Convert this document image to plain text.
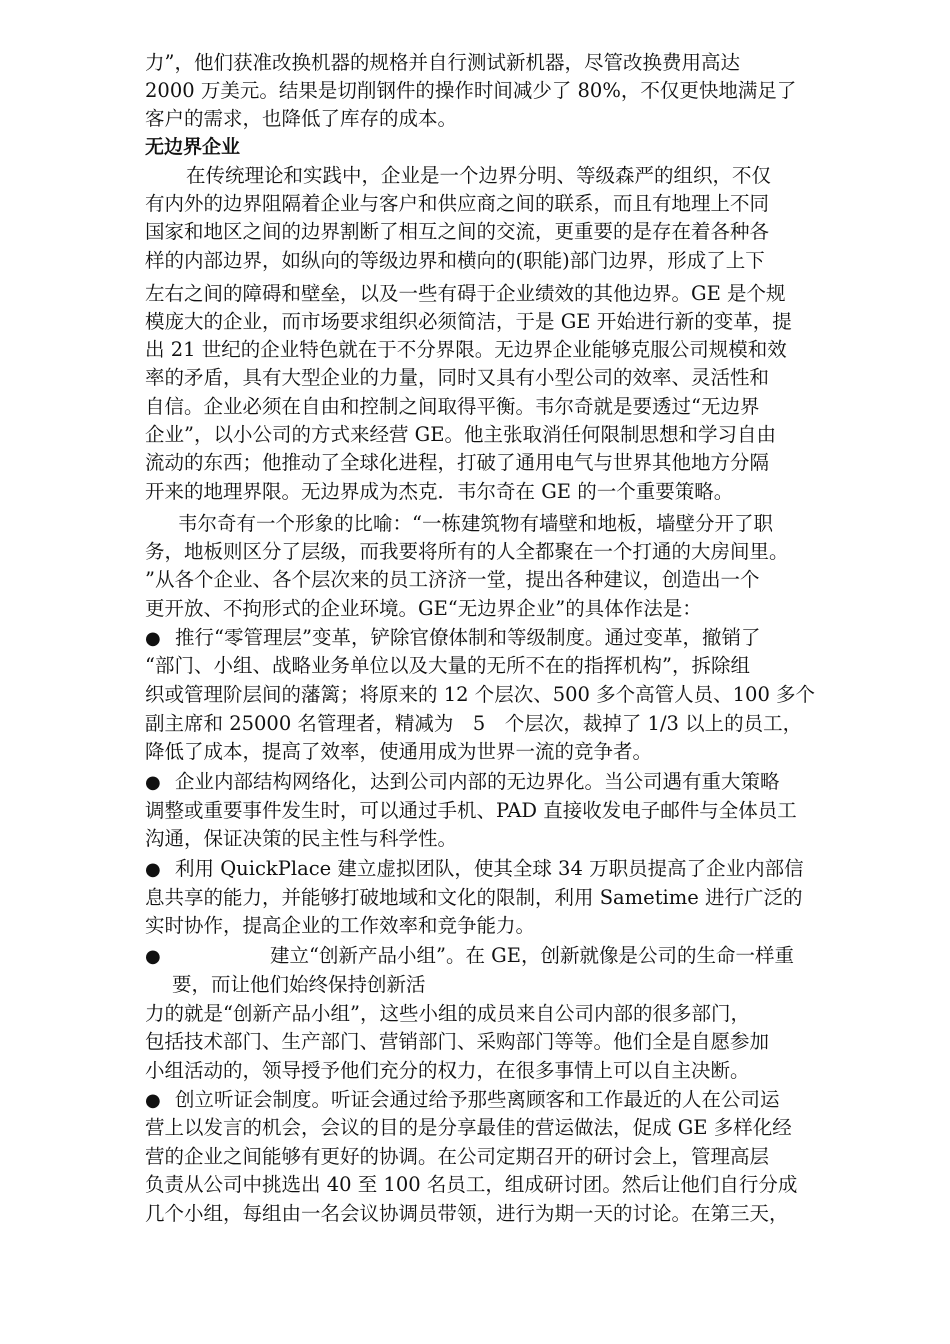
力”，他们获准改换机器的规格并自行测试新机器，尽管改换费用高达
2000 万美元。结果是切削钢件的操作时间减少了 80%，不仅更快地满足了
客户的需求，也降低了库存的成本。
无边界企业
在传统理论和实践中，企业是一个边界分明、等级森严的组织，不仅
有内外的边界阻隔着企业与客户和供应商之间的联系，而且有地理上不同
国家和地区之间的边界割断了相互之间的交流，更重要的是存在着各种各
样的内部边界，如纵向的等级边界和横向的(职能)部门边界，形成了上下
左右之间的障碍和壁垒，以及一些有碍于企业绩效的其他边界。GE 是个规
模庞大的企业，而市场要求组织必须简洁，于是 GE 开始进行新的变革，提
出 21 世纪的企业特色就在于不分界限。无边界企业能够克服公司规模和效
率的矛盾，具有大型企业的力量，同时又具有小型公司的效率、灵活性和
自信。企业必须在自由和控制之间取得平衡。韦尔奇就是要透过“无边界
企业”，以小公司的方式来经营 GE。他主张取消任何限制思想和学习自由
流动的东西；他推动了全球化进程，打破了通用电气与世界其他地方分隔
开来的地理界限。无边界成为杰克．韦尔奇在 GE 的一个重要策略。
韦尔奇有一个形象的比喻：“一栋建筑物有墙壁和地板，墙壁分开了职
务，地板则区分了层级，而我要将所有的人全都聚在一个打通的大房间里。
”从各个企业、各个层次来的员工济济一堂，提出各种建议，创造出一个
更开放、不拘形式的企业环境。GE“无边界企业”的具体作法是：
● 推行“零管理层”变革，铲除官僚体制和等级制度。通过变革，撤销了
“部门、小组、战略业务单位以及大量的无所不在的指挥机构”，拆除组
织或管理阶层间的藩篱；将原来的 12 个层次、500 多个高管人员、100 多个
副主席和 25000 名管理者，精减为　5　个层次，裁掉了 1/3 以上的员工，
降低了成本，提高了效率，使通用成为世界一流的竞争者。
● 企业内部结构网络化，达到公司内部的无边界化。当公司遇有重大策略
调整或重要事件发生时，可以通过手机、PAD 直接收发电子邮件与全体员工
沟通，保证决策的民主性与科学性。
● 利用 QuickPlace 建立虚拟团队，使其全球 34 万职员提高了企业内部信
息共享的能力，并能够打破地域和文化的限制，利用 Sametime 进行广泛的
实时协作，提高企业的工作效率和竞争能力。
●	建立“创新产品小组”。在 GE，创新就像是公司的生命一样重
要，而让他们始终保持创新活
力的就是“创新产品小组”，这些小组的成员来自公司内部的很多部门，
包括技术部门、生产部门、营销部门、采购部门等等。他们全是自愿参加
小组活动的，领导授予他们充分的权力，在很多事情上可以自主决断。
● 创立听证会制度。听证会通过给予那些离顾客和工作最近的人在公司运
营上以发言的机会，会议的目的是分享最佳的营运做法，促成 GE 多样化经
营的企业之间能够有更好的协调。在公司定期召开的研讨会上，管理高层
负责从公司中挑选出 40 至 100 名员工，组成研讨团。然后让他们自行分成
几个小组，每组由一名会议协调员带领，进行为期一天的讨论。在第三天，
